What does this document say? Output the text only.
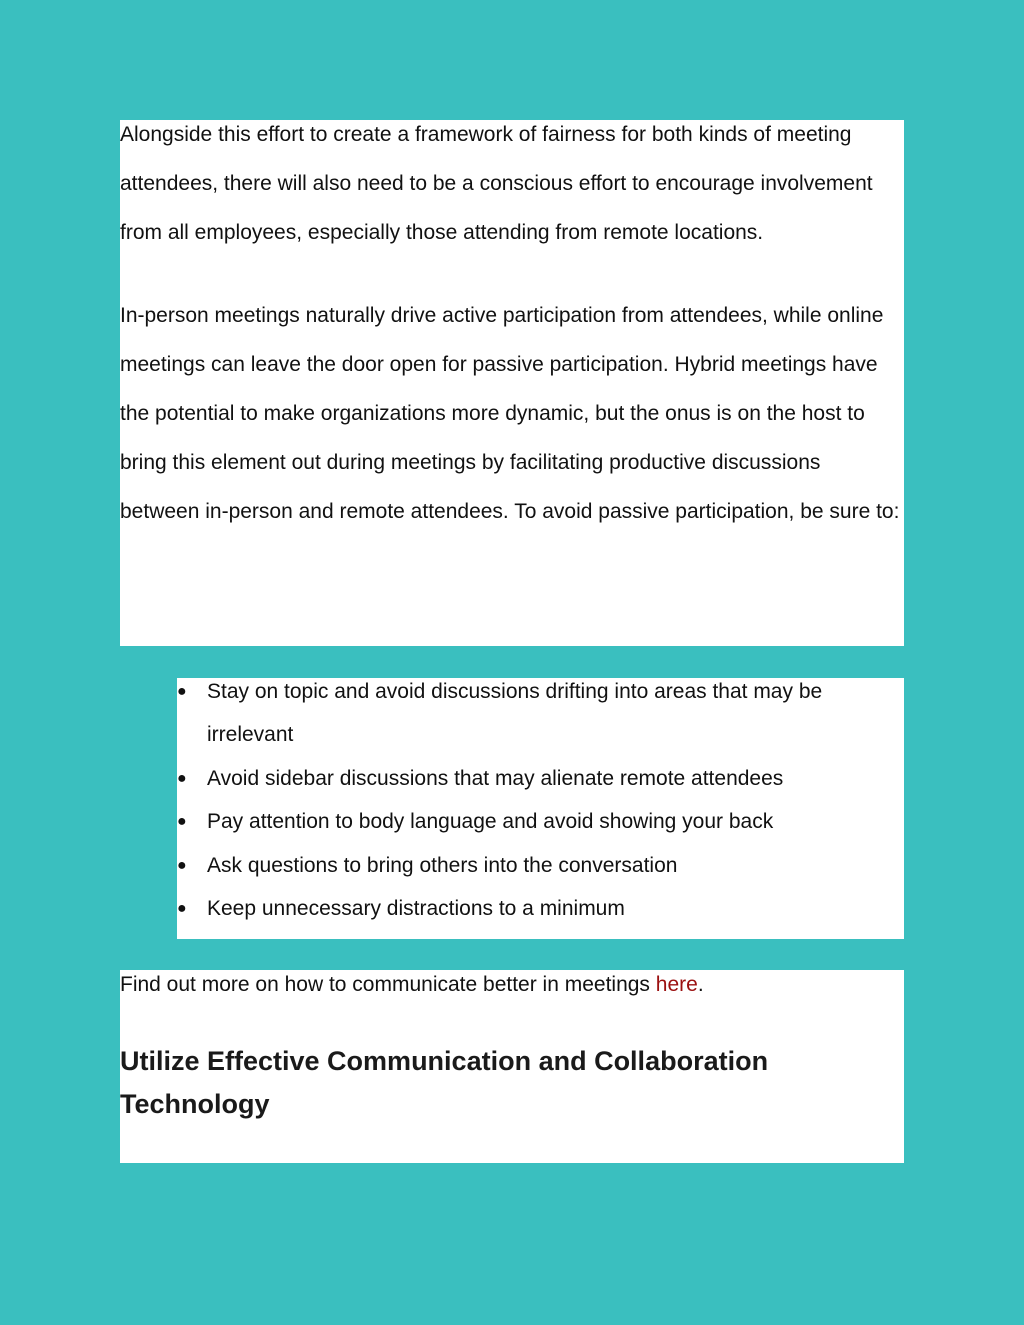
Alongside this effort to create a framework of fairness for both kinds of meeting attendees, there will also need to be a conscious effort to encourage involvement from all employees, especially those attending from remote locations.

In-person meetings naturally drive active participation from attendees, while online meetings can leave the door open for passive participation. Hybrid meetings have the potential to make organizations more dynamic, but the onus is on the host to bring this element out during meetings by facilitating productive discussions between in-person and remote attendees. To avoid passive participation, be sure to:

● Stay on topic and avoid discussions drifting into areas that may be irrelevant
● Avoid sidebar discussions that may alienate remote attendees
● Pay attention to body language and avoid showing your back
● Ask questions to bring others into the conversation
● Keep unnecessary distractions to a minimum

Find out more on how to communicate better in meetings here.

Utilize Effective Communication and Collaboration Technology
